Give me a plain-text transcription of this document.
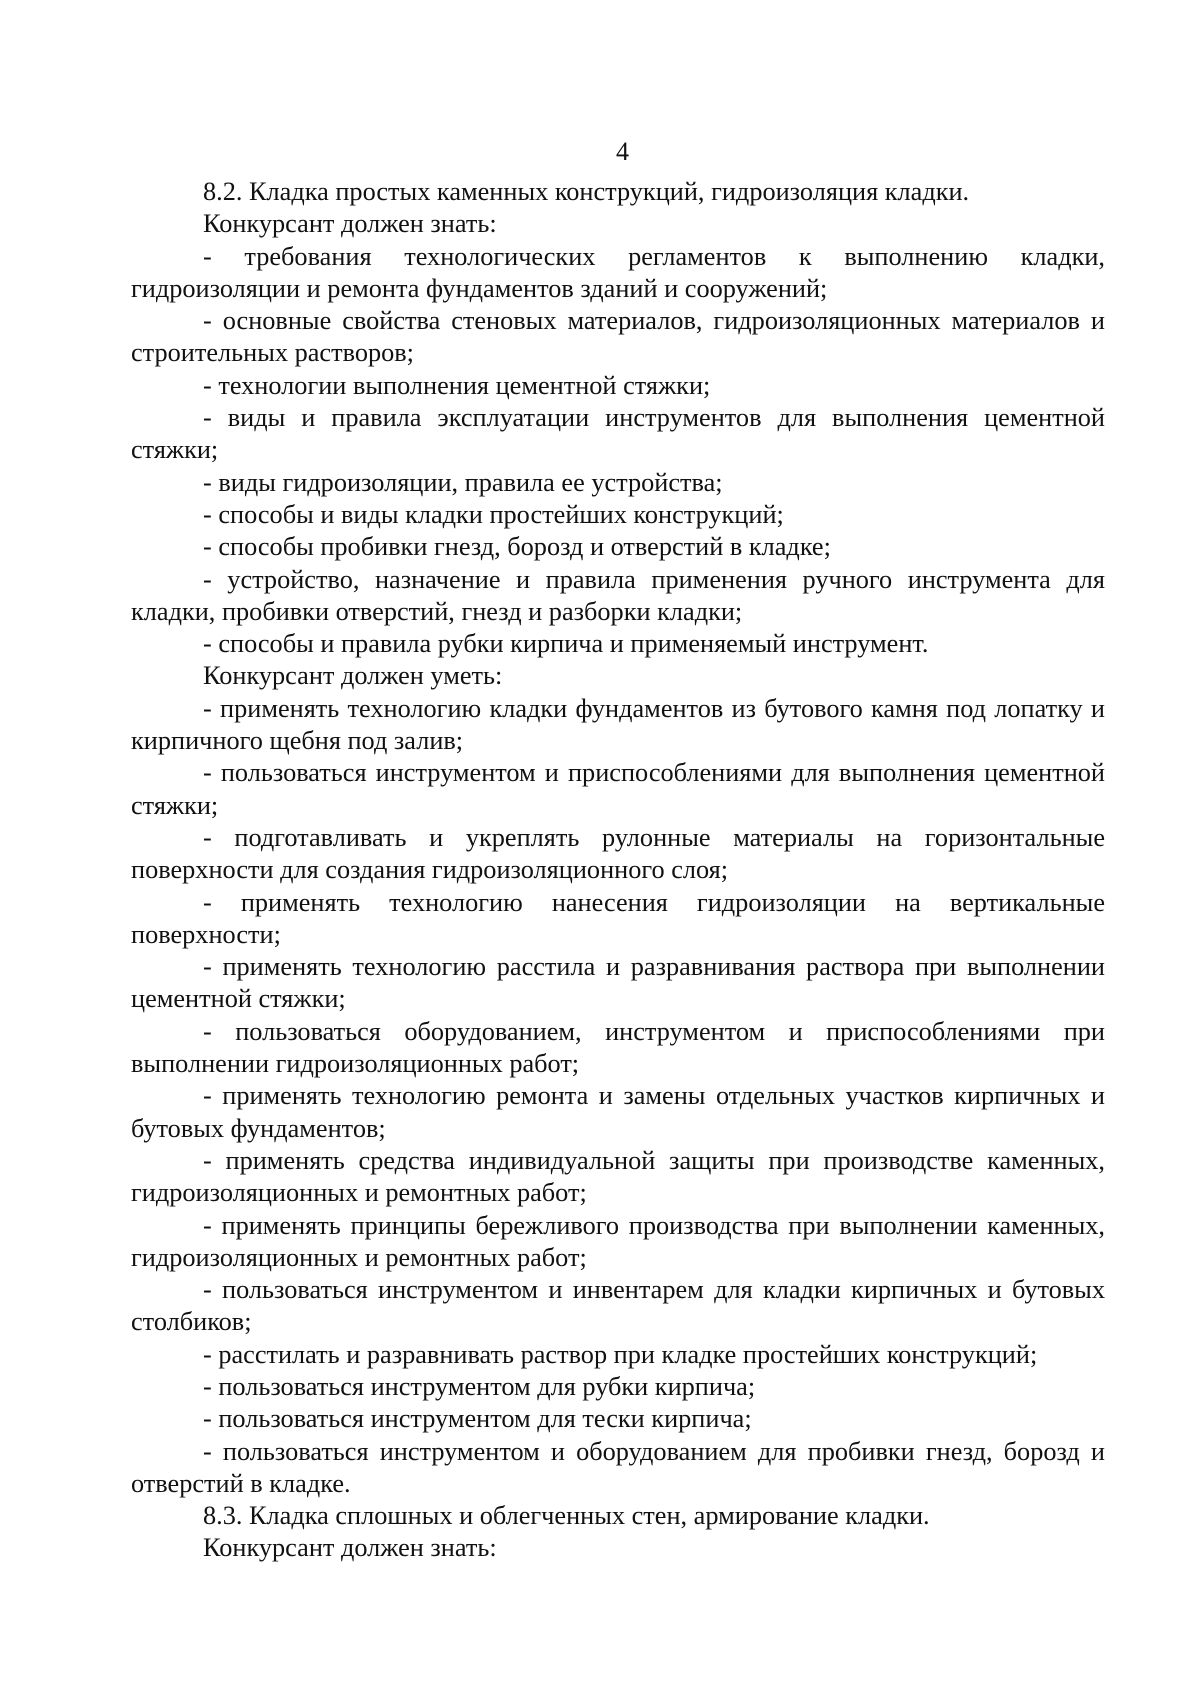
4

8.2. Кладка простых каменных конструкций, гидроизоляция кладки.

Конкурсант должен знать:

- требования технологических регламентов к выполнению кладки, гидроизоляции и ремонта фундаментов зданий и сооружений;

- основные свойства стеновых материалов, гидроизоляционных материалов и строительных растворов;

- технологии выполнения цементной стяжки;

- виды и правила эксплуатации инструментов для выполнения цементной стяжки;

- виды гидроизоляции, правила ее устройства;

- способы и виды кладки простейших конструкций;

- способы пробивки гнезд, борозд и отверстий в кладке;

- устройство, назначение и правила применения ручного инструмента для кладки, пробивки отверстий, гнезд и разборки кладки;

- способы и правила рубки кирпича и применяемый инструмент.

Конкурсант должен уметь:

- применять технологию кладки фундаментов из бутового камня под лопатку и кирпичного щебня под залив;

- пользоваться инструментом и приспособлениями для выполнения цементной стяжки;

- подготавливать и укреплять рулонные материалы на горизонтальные поверхности для создания гидроизоляционного слоя;

- применять технологию нанесения гидроизоляции на вертикальные поверхности;

- применять технологию расстила и разравнивания раствора при выполнении цементной стяжки;

- пользоваться оборудованием, инструментом и приспособлениями при выполнении гидроизоляционных работ;

- применять технологию ремонта и замены отдельных участков кирпичных и бутовых фундаментов;

- применять средства индивидуальной защиты при производстве каменных, гидроизоляционных и ремонтных работ;

- применять принципы бережливого производства при выполнении каменных, гидроизоляционных и ремонтных работ;

- пользоваться инструментом и инвентарем для кладки кирпичных и бутовых столбиков;

- расстилать и разравнивать раствор при кладке простейших конструкций;

- пользоваться инструментом для рубки кирпича;

- пользоваться инструментом для тески кирпича;

- пользоваться инструментом и оборудованием для пробивки гнезд, борозд и отверстий в кладке.

8.3. Кладка сплошных и облегченных стен, армирование кладки.

Конкурсант должен знать:
